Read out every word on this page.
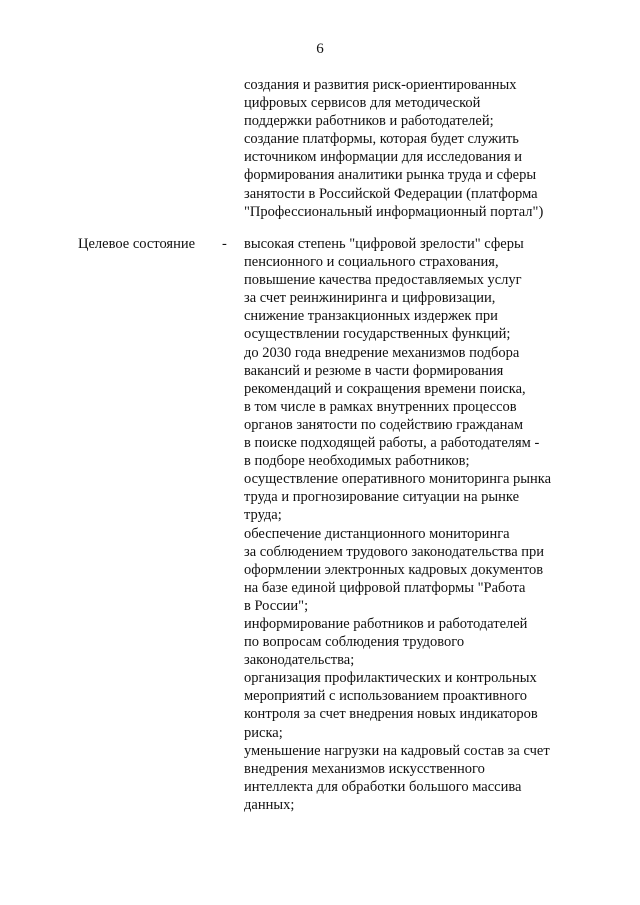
6
создания и развития риск-ориентированных
цифровых сервисов для методической
поддержки работников и работодателей;
создание платформы, которая будет служить
источником информации для исследования и
формирования аналитики рынка труда и сферы
занятости в Российской Федерации (платформа
"Профессиональный информационный портал")
Целевое состояние - высокая степень "цифровой зрелости" сферы
пенсионного и социального страхования,
повышение качества предоставляемых услуг
за счет реинжиниринга и цифровизации,
снижение транзакционных издержек при
осуществлении государственных функций;
до 2030 года внедрение механизмов подбора
вакансий и резюме в части формирования
рекомендаций и сокращения времени поиска,
в том числе в рамках внутренних процессов
органов занятости по содействию гражданам
в поиске подходящей работы, а работодателям -
в подборе необходимых работников;
осуществление оперативного мониторинга рынка
труда и прогнозирование ситуации на рынке
труда;
обеспечение дистанционного мониторинга
за соблюдением трудового законодательства при
оформлении электронных кадровых документов
на базе единой цифровой платформы "Работа
в России";
информирование работников и работодателей
по вопросам соблюдения трудового
законодательства;
организация профилактических и контрольных
мероприятий с использованием проактивного
контроля за счет внедрения новых индикаторов
риска;
уменьшение нагрузки на кадровый состав за счет
внедрения механизмов искусственного
интеллекта для обработки большого массива
данных;
